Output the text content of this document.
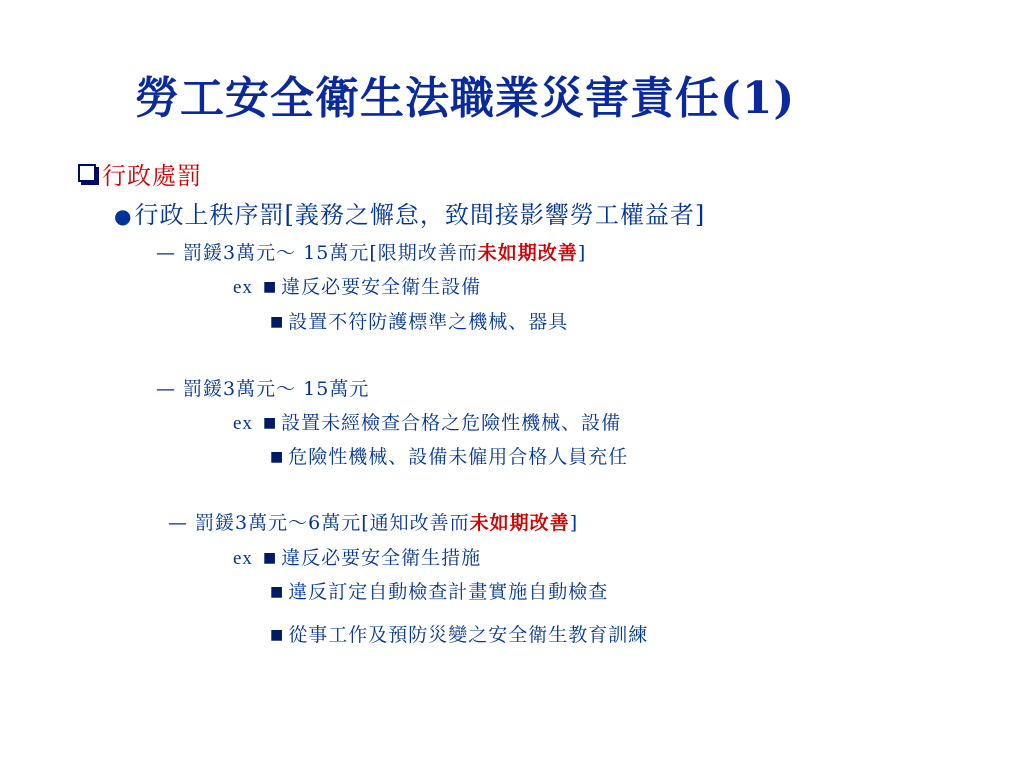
勞工安全衛生法職業災害責任(1)
行政處罰
●行政上秩序罰[義務之懈怠，致間接影響勞工權益者]
— 罰鍰3萬元～ 15萬元[限期改善而未如期改善]
ex ■ 違反必要安全衛生設備
■ 設置不符防護標準之機械、器具
— 罰鍰3萬元～ 15萬元
ex ■ 設置未經檢查合格之危險性機械、設備
■ 危險性機械、設備未僱用合格人員充任
— 罰鍰3萬元～6萬元[通知改善而未如期改善]
ex ■ 違反必要安全衛生措施
■ 違反訂定自動檢查計畫實施自動檢查
■ 從事工作及預防災變之安全衛生教育訓練
